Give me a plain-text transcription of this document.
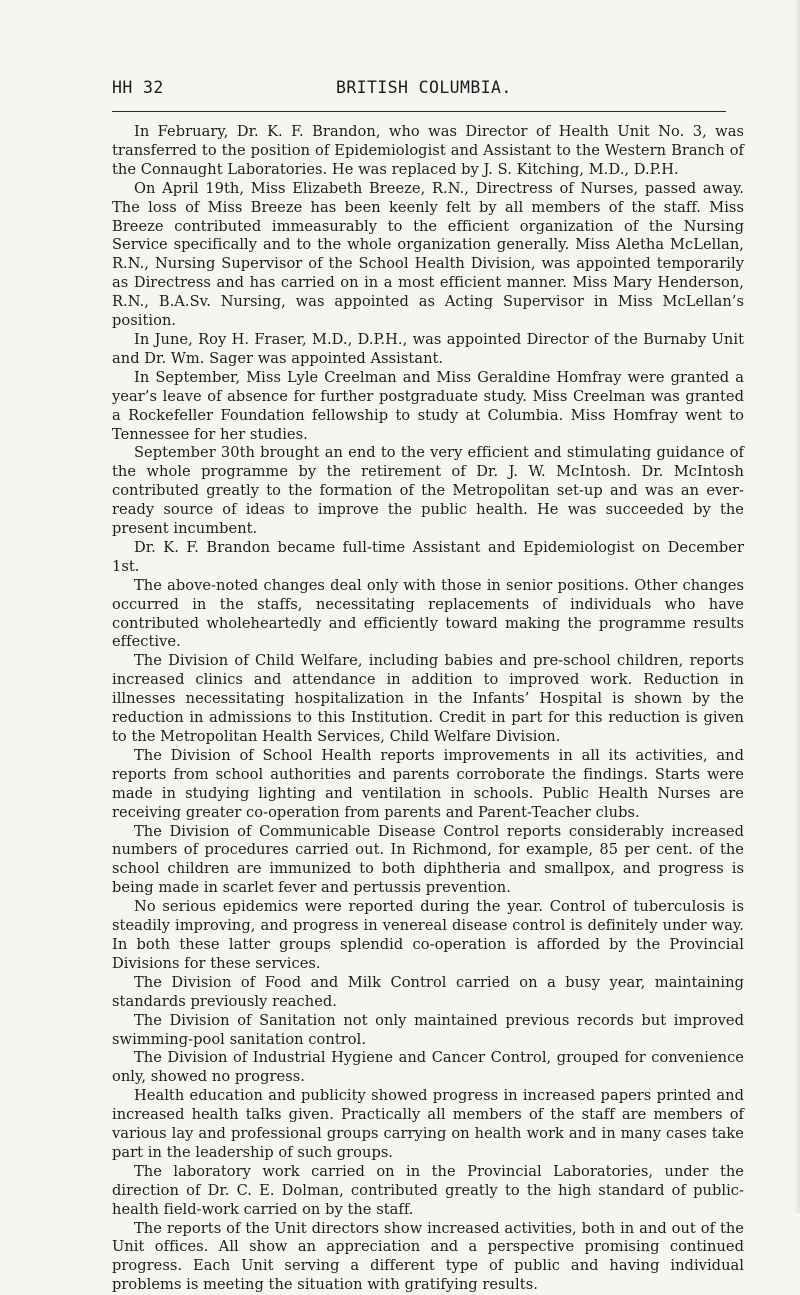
HH 32	BRITISH COLUMBIA.

In February, Dr. K. F. Brandon, who was Director of Health Unit No. 3, was transferred to the position of Epidemiologist and Assistant to the Western Branch of the Connaught Laboratories. He was replaced by J. S. Kitching, M.D., D.P.H.

On April 19th, Miss Elizabeth Breeze, R.N., Directress of Nurses, passed away. The loss of Miss Breeze has been keenly felt by all members of the staff. Miss Breeze contributed immeasurably to the efficient organization of the Nursing Service specifically and to the whole organization generally. Miss Aletha McLellan, R.N., Nursing Supervisor of the School Health Division, was appointed temporarily as Directress and has carried on in a most efficient manner. Miss Mary Henderson, R.N., B.A.Sv. Nursing, was appointed as Acting Supervisor in Miss McLellan’s position.

In June, Roy H. Fraser, M.D., D.P.H., was appointed Director of the Burnaby Unit and Dr. Wm. Sager was appointed Assistant.

In September, Miss Lyle Creelman and Miss Geraldine Homfray were granted a year’s leave of absence for further postgraduate study. Miss Creelman was granted a Rockefeller Foundation fellowship to study at Columbia. Miss Homfray went to Tennessee for her studies.

September 30th brought an end to the very efficient and stimulating guidance of the whole programme by the retirement of Dr. J. W. McIntosh. Dr. McIntosh contributed greatly to the formation of the Metropolitan set-up and was an ever-ready source of ideas to improve the public health. He was succeeded by the present incumbent.

Dr. K. F. Brandon became full-time Assistant and Epidemiologist on December 1st.

The above-noted changes deal only with those in senior positions. Other changes occurred in the staffs, necessitating replacements of individuals who have contributed wholeheartedly and efficiently toward making the programme results effective.

The Division of Child Welfare, including babies and pre-school children, reports increased clinics and attendance in addition to improved work. Reduction in illnesses necessitating hospitalization in the Infants’ Hospital is shown by the reduction in admissions to this Institution. Credit in part for this reduction is given to the Metropolitan Health Services, Child Welfare Division.

The Division of School Health reports improvements in all its activities, and reports from school authorities and parents corroborate the findings. Starts were made in studying lighting and ventilation in schools. Public Health Nurses are receiving greater co-operation from parents and Parent-Teacher clubs.

The Division of Communicable Disease Control reports considerably increased numbers of procedures carried out. In Richmond, for example, 85 per cent. of the school children are immunized to both diphtheria and smallpox, and progress is being made in scarlet fever and pertussis prevention.

No serious epidemics were reported during the year. Control of tuberculosis is steadily improving, and progress in venereal disease control is definitely under way. In both these latter groups splendid co-operation is afforded by the Provincial Divisions for these services.

The Division of Food and Milk Control carried on a busy year, maintaining standards previously reached.

The Division of Sanitation not only maintained previous records but improved swimming-pool sanitation control.

The Division of Industrial Hygiene and Cancer Control, grouped for convenience only, showed no progress.

Health education and publicity showed progress in increased papers printed and increased health talks given. Practically all members of the staff are members of various lay and professional groups carrying on health work and in many cases take part in the leadership of such groups.

The laboratory work carried on in the Provincial Laboratories, under the direction of Dr. C. E. Dolman, contributed greatly to the high standard of public-health field-work carried on by the staff.

The reports of the Unit directors show increased activities, both in and out of the Unit offices. All show an appreciation and a perspective promising continued progress. Each Unit serving a different type of public and having individual problems is meeting the situation with gratifying results.
